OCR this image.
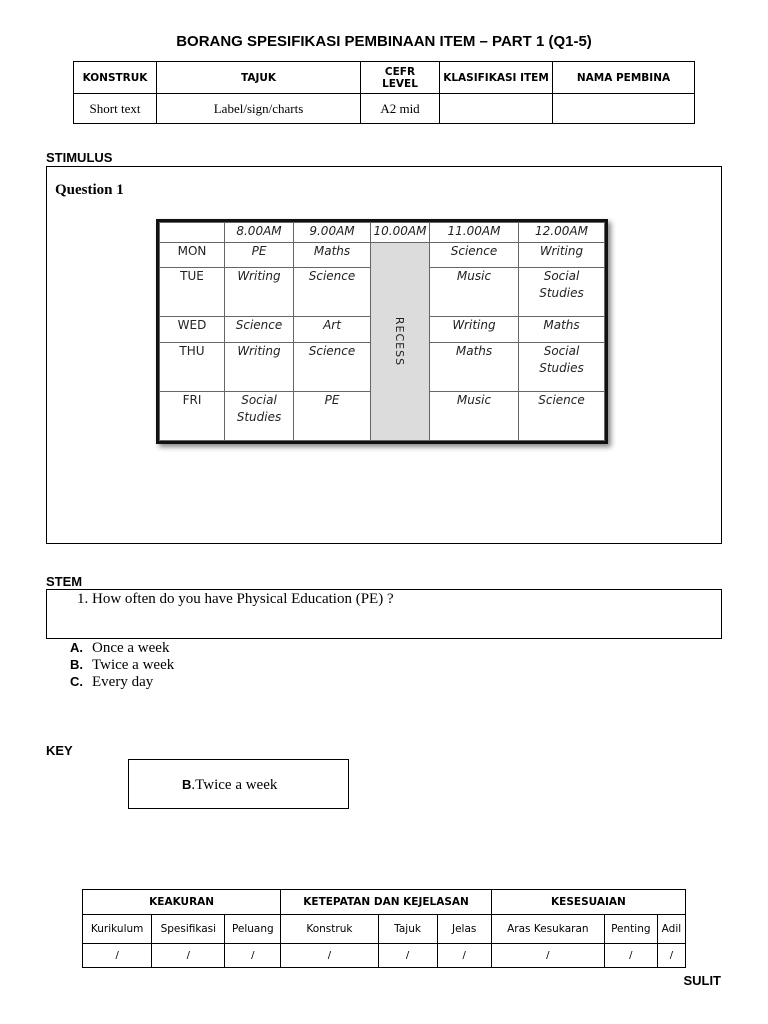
BORANG SPESIFIKASI PEMBINAAN ITEM – PART 1 (Q1-5)
KONSTRUK	TAJUK	CEFR LEVEL	KLASIFIKASI ITEM	NAMA PEMBINA
Short text	Label/sign/charts	A2 mid		
STIMULUS
Question 1
	8.00AM	9.00AM	10.00AM	11.00AM	12.00AM
MON	PE	Maths	RECESS	Science	Writing
TUE	Writing	Science		Music	Social Studies
WED	Science	Art		Writing	Maths
THU	Writing	Science		Maths	Social Studies
FRI	Social Studies	PE		Music	Science
STEM
1. How often do you have Physical Education (PE) ?
A. Once a week
B. Twice a week
C. Every day
KEY
B.Twice a week
KEAKURAN			KETEPATAN DAN KEJELASAN			KESESUAIAN		
Kurikulum	Spesifikasi	Peluang	Konstruk	Tajuk	Jelas	Aras Kesukaran	Penting	Adil
/	/	/	/	/	/	/	/	/
SULIT
